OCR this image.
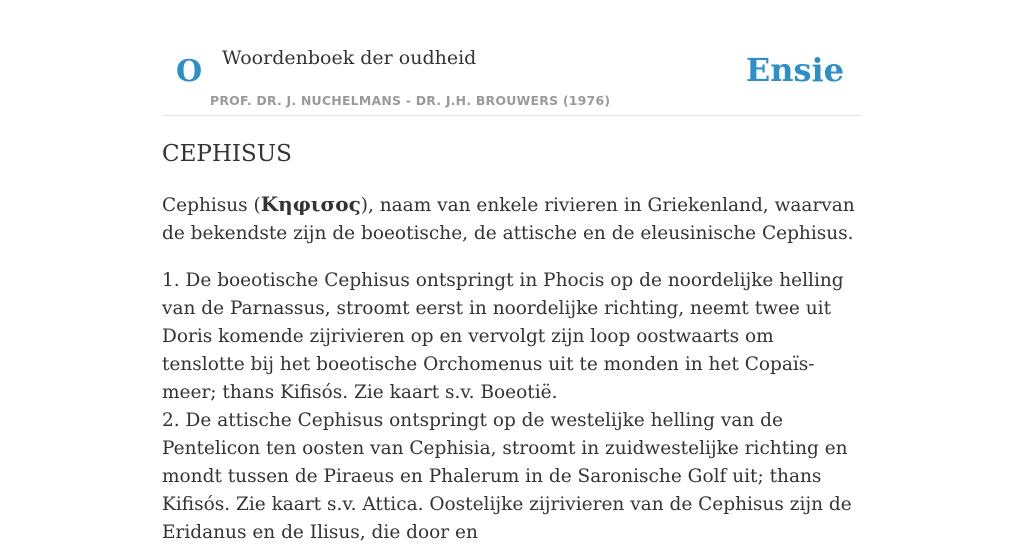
O Woordenboek der oudheid
PROF. DR. J. NUCHELMANS - DR. J.H. BROUWERS (1976)
Ensie
CEPHISUS

Cephisus (Κηφισος), naam van enkele rivieren in Griekenland, waarvan de bekendste zijn de boeotische, de attische en de eleusinische Cephisus.

1. De boeotische Cephisus ontspringt in Phocis op de noordelijke helling van de Parnassus, stroomt eerst in noordelijke richting, neemt twee uit Doris komende zijrivieren op en vervolgt zijn loop oostwaarts om tenslotte bij het boeotische Orchomenus uit te monden in het Copaïs-meer; thans Kifisós. Zie kaart s.v. Boeotië.

2. De attische Cephisus ontspringt op de westelijke helling van de Pentelicon ten oosten van Cephisia, stroomt in zuidwestelijke richting en mondt tussen de Piraeus en Phalerum in de Saronische Golf uit; thans Kifisós. Zie kaart s.v. Attica. Oostelijke zijrivieren van de Cephisus zijn de Eridanus en de Ilisus, die door en
